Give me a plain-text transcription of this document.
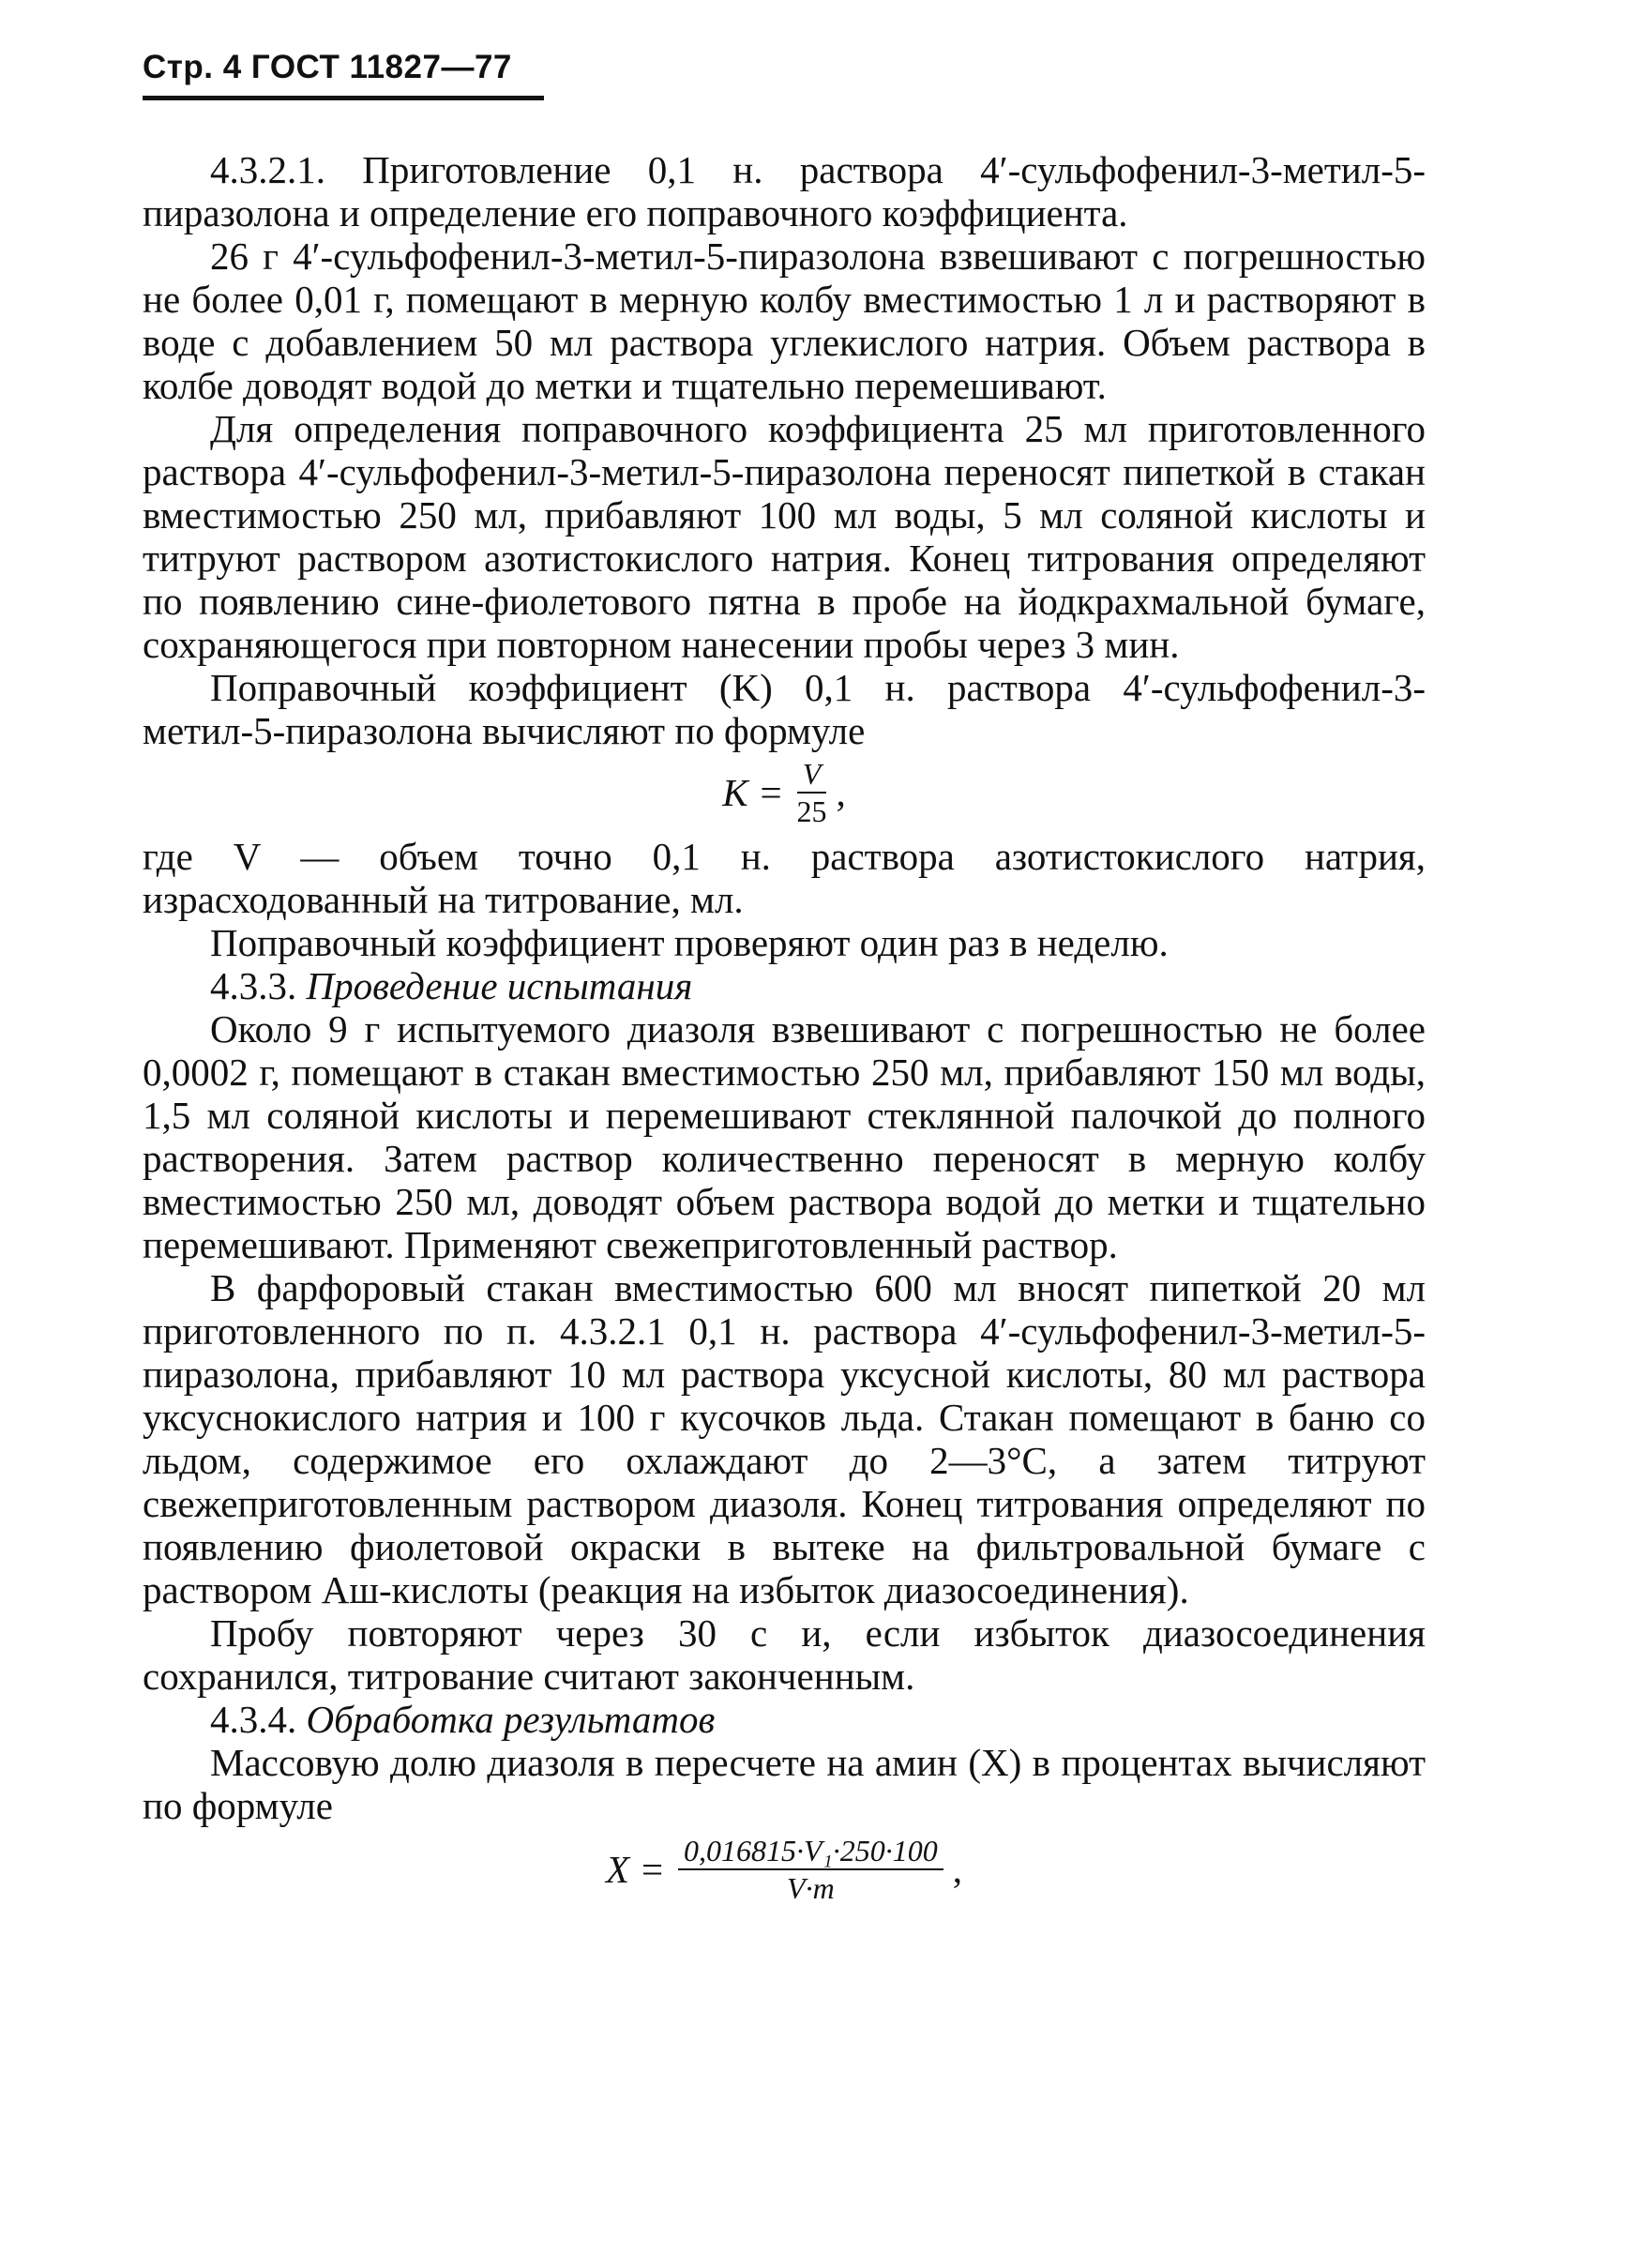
Стр. 4 ГОСТ 11827—77

4.3.2.1. Приготовление 0,1 н. раствора 4′-сульфофенил-3-метил-5-пиразолона и определение его поправочного коэффициента.

26 г 4′-сульфофенил-3-метил-5-пиразолона взвешивают с погрешностью не более 0,01 г, помещают в мерную колбу вместимостью 1 л и растворяют в воде с добавлением 50 мл раствора углекислого натрия. Объем раствора в колбе доводят водой до метки и тщательно перемешивают.

Для определения поправочного коэффициента 25 мл приготовленного раствора 4′-сульфофенил-3-метил-5-пиразолона переносят пипеткой в стакан вместимостью 250 мл, прибавляют 100 мл воды, 5 мл соляной кислоты и титруют раствором азотистокислого натрия. Конец титрования определяют по появлению сине-фиолетового пятна в пробе на йодкрахмальной бумаге, сохраняющегося при повторном нанесении пробы через 3 мин.

Поправочный коэффициент (K) 0,1 н. раствора 4′-сульфофенил-3-метил-5-пиразолона вычисляют по формуле

$K = \frac{V}{25}$ ,

где V — объем точно 0,1 н. раствора азотистокислого натрия, израсходованный на титрование, мл.

Поправочный коэффициент проверяют один раз в неделю.

4.3.3. Проведение испытания

Около 9 г испытуемого диазоля взвешивают с погрешностью не более 0,0002 г, помещают в стакан вместимостью 250 мл, прибавляют 150 мл воды, 1,5 мл соляной кислоты и перемешивают стеклянной палочкой до полного растворения. Затем раствор количественно переносят в мерную колбу вместимостью 250 мл, доводят объем раствора водой до метки и тщательно перемешивают. Применяют свежеприготовленный раствор.

В фарфоровый стакан вместимостью 600 мл вносят пипеткой 20 мл приготовленного по п. 4.3.2.1 0,1 н. раствора 4′-сульфофенил-3-метил-5-пиразолона, прибавляют 10 мл раствора уксусной кислоты, 80 мл раствора уксуснокислого натрия и 100 г кусочков льда. Стакан помещают в баню со льдом, содержимое его охлаждают до 2—3°С, а затем титруют свежеприготовленным раствором диазоля. Конец титрования определяют по появлению фиолетовой окраски в вытеке на фильтровальной бумаге с раствором Аш-кислоты (реакция на избыток диазосоединения).

Пробу повторяют через 30 с и, если избыток диазосоединения сохранился, титрование считают законченным.

4.3.4. Обработка результатов

Массовую долю диазоля в пересчете на амин (X) в процентах вычисляют по формуле

$X = \frac{\text{0,016815·V₁·250·100}}{V\cdot m}$ ,
